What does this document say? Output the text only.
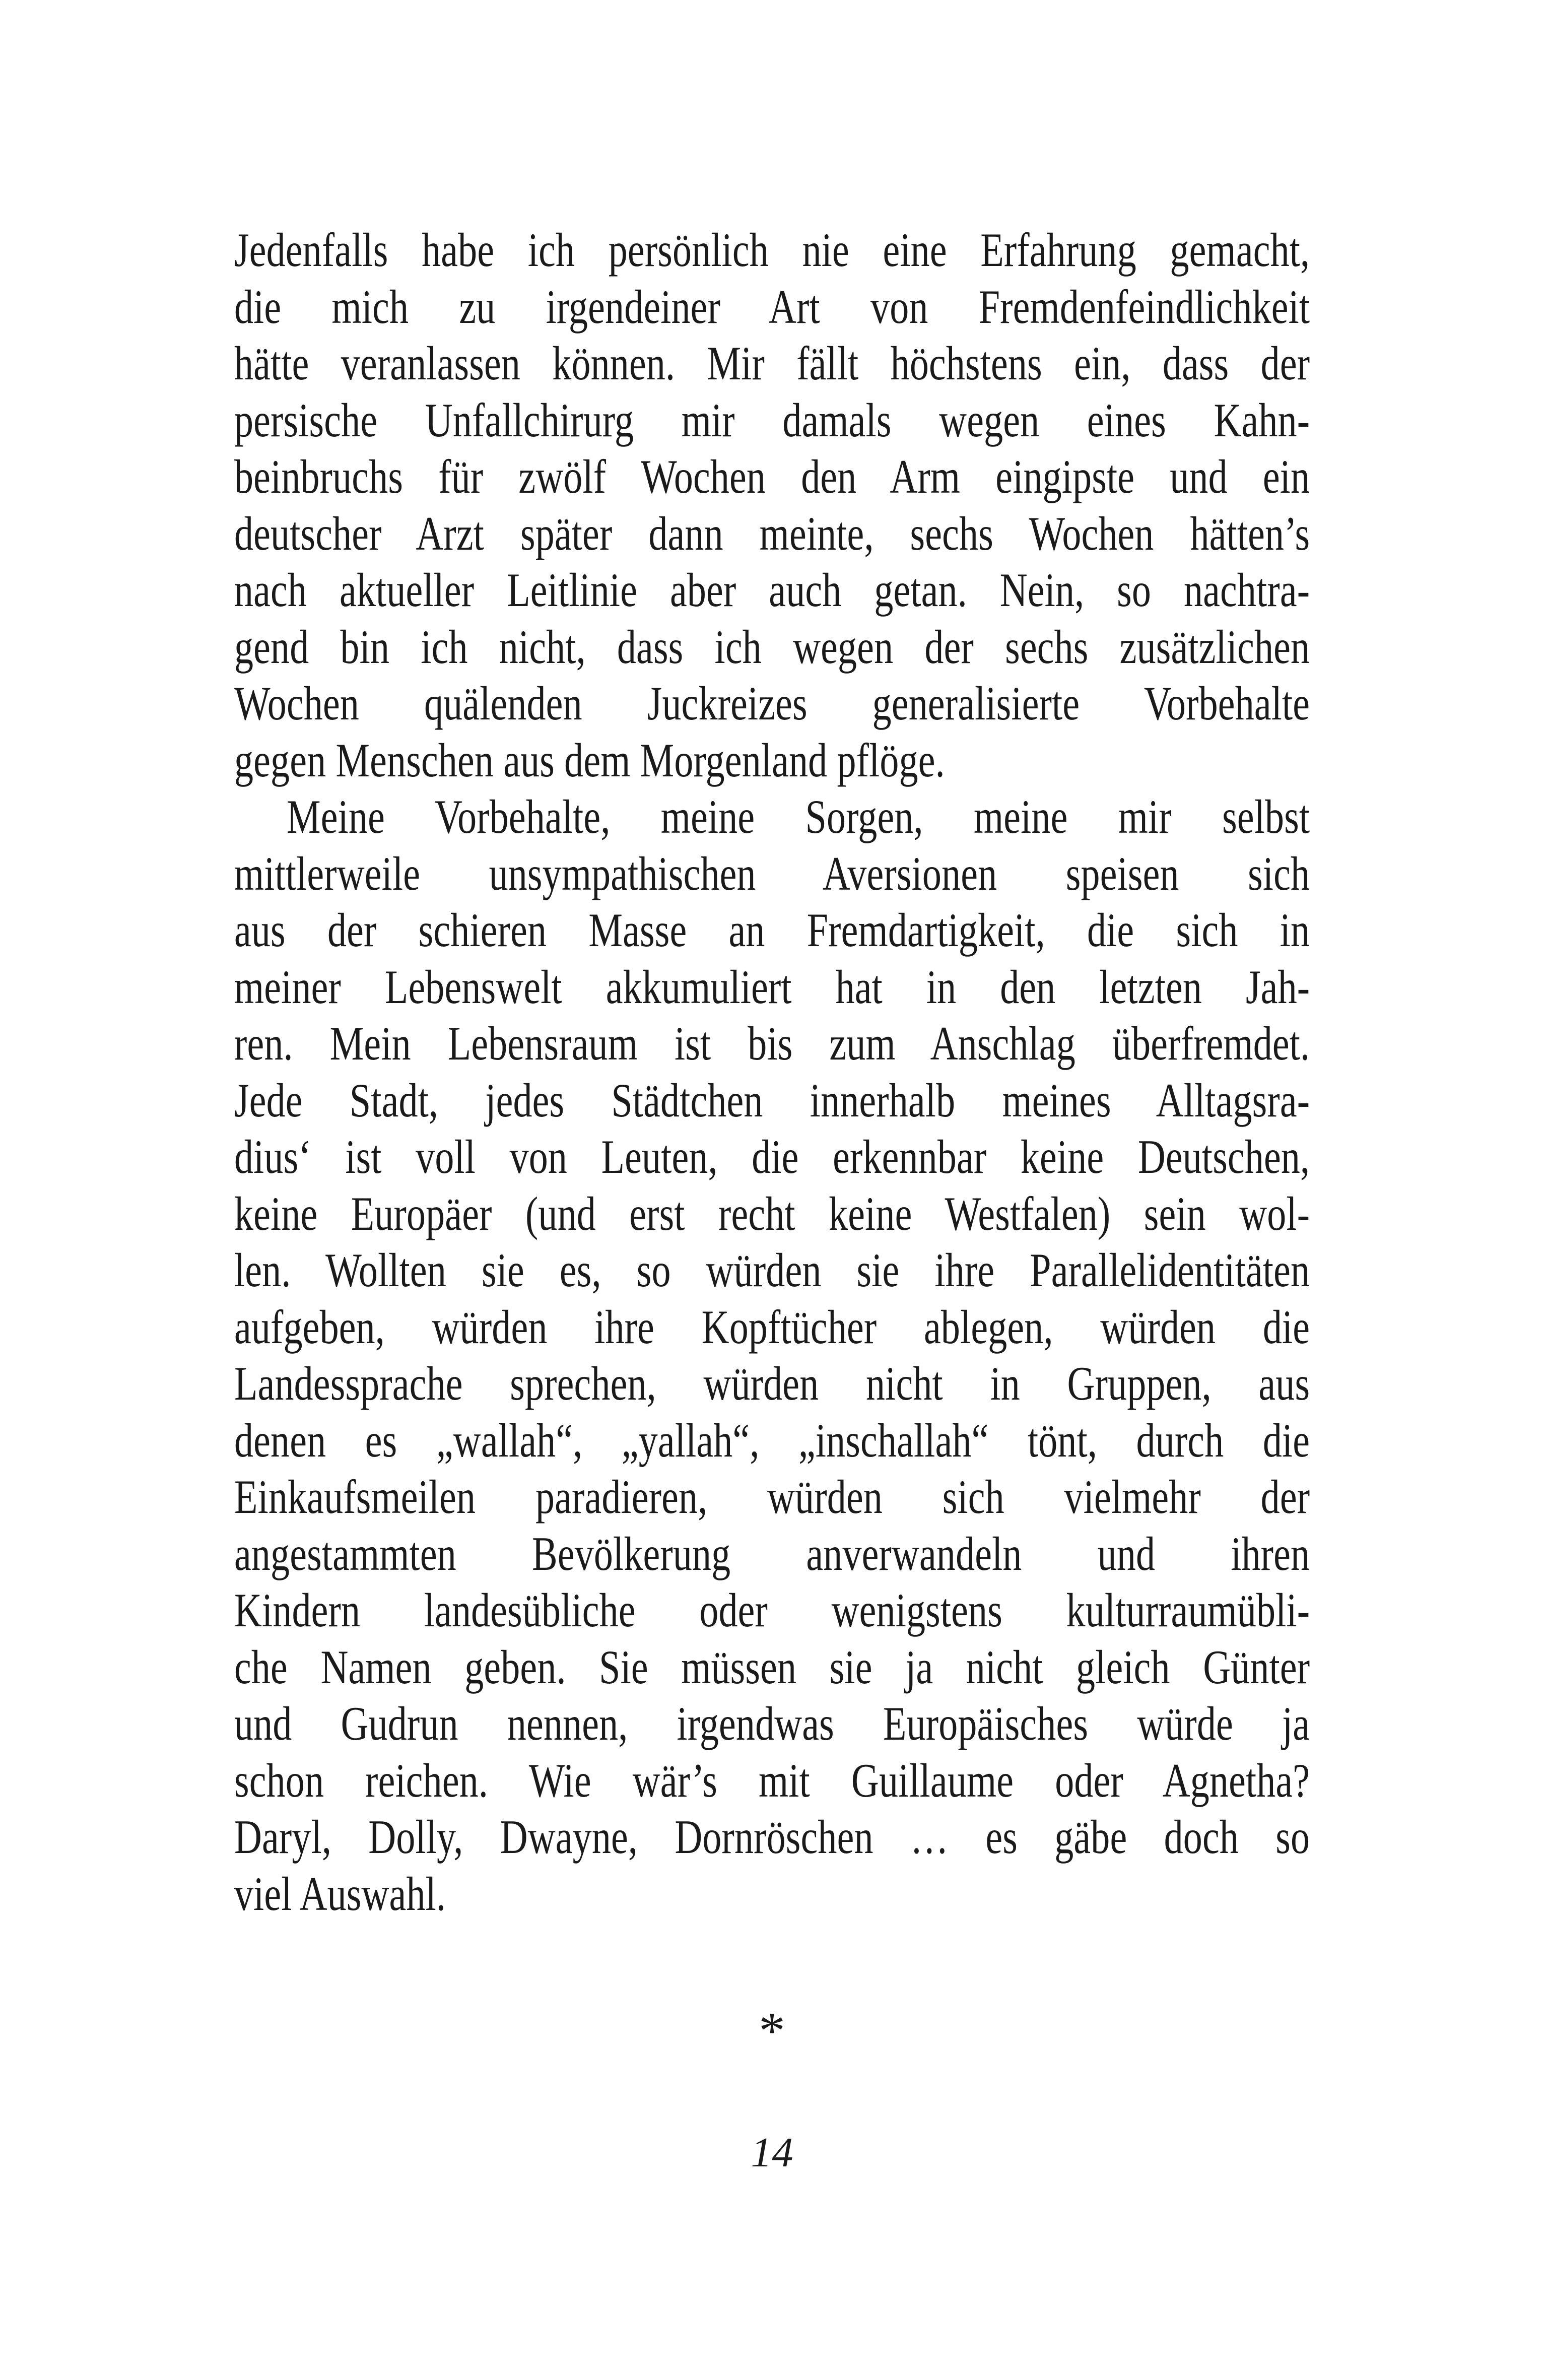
Jedenfalls habe ich persönlich nie eine Erfahrung gemacht,
die mich zu irgendeiner Art von Fremdenfeindlichkeit
hätte veranlassen können. Mir fällt höchstens ein, dass der
persische Unfallchirurg mir damals wegen eines Kahn-
beinbruchs für zwölf Wochen den Arm eingipste und ein
deutscher Arzt später dann meinte, sechs Wochen hätten’s
nach aktueller Leitlinie aber auch getan. Nein, so nachtra-
gend bin ich nicht, dass ich wegen der sechs zusätzlichen
Wochen quälenden Juckreizes generalisierte Vorbehalte
gegen Menschen aus dem Morgenland pflöge.
Meine Vorbehalte, meine Sorgen, meine mir selbst
mittlerweile unsympathischen Aversionen speisen sich
aus der schieren Masse an Fremdartigkeit, die sich in
meiner Lebenswelt akkumuliert hat in den letzten Jah-
ren. Mein Lebensraum ist bis zum Anschlag überfremdet.
Jede Stadt, jedes Städtchen innerhalb meines Alltagsra-
dius‘ ist voll von Leuten, die erkennbar keine Deutschen,
keine Europäer (und erst recht keine Westfalen) sein wol-
len. Wollten sie es, so würden sie ihre Parallelidentitäten
aufgeben, würden ihre Kopftücher ablegen, würden die
Landessprache sprechen, würden nicht in Gruppen, aus
denen es „wallah“, „yallah“, „inschallah“ tönt, durch die
Einkaufsmeilen paradieren, würden sich vielmehr der
angestammten Bevölkerung anverwandeln und ihren
Kindern landesübliche oder wenigstens kulturraumübli-
che Namen geben. Sie müssen sie ja nicht gleich Günter
und Gudrun nennen, irgendwas Europäisches würde ja
schon reichen. Wie wär’s mit Guillaume oder Agnetha?
Daryl, Dolly, Dwayne, Dornröschen … es gäbe doch so
viel Auswahl.
*
14
